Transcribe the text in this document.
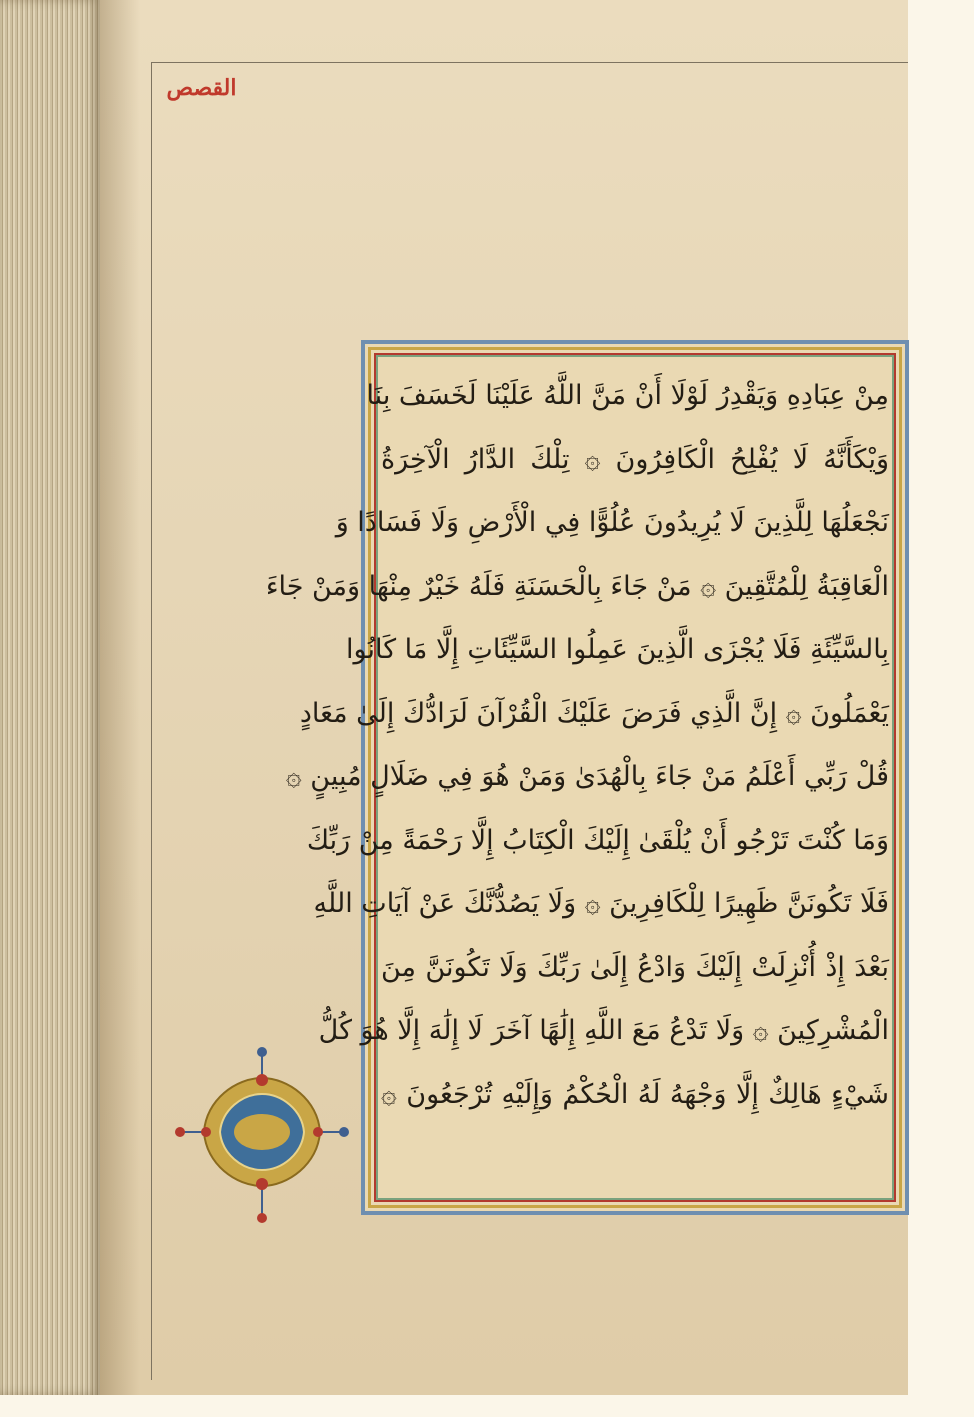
القصص
مِنْ عِبَادِهِ وَيَقْدِرُ لَوْلَا أَنْ مَنَّ اللَّهُ عَلَيْنَا لَخَسَفَ بِنَا
وَيْكَأَنَّهُ لَا يُفْلِحُ الْكَافِرُونَ ۞ تِلْكَ الدَّارُ الْآخِرَةُ
نَجْعَلُهَا لِلَّذِينَ لَا يُرِيدُونَ عُلُوًّا فِي الْأَرْضِ وَلَا فَسَادًا وَ
الْعَاقِبَةُ لِلْمُتَّقِينَ ۞ مَنْ جَاءَ بِالْحَسَنَةِ فَلَهُ خَيْرٌ مِنْهَا وَمَنْ جَاءَ
بِالسَّيِّئَةِ فَلَا يُجْزَى الَّذِينَ عَمِلُوا السَّيِّئَاتِ إِلَّا مَا كَانُوا
يَعْمَلُونَ ۞ إِنَّ الَّذِي فَرَضَ عَلَيْكَ الْقُرْآنَ لَرَادُّكَ إِلَىٰ مَعَادٍ
قُلْ رَبِّي أَعْلَمُ مَنْ جَاءَ بِالْهُدَىٰ وَمَنْ هُوَ فِي ضَلَالٍ مُبِينٍ ۞
وَمَا كُنْتَ تَرْجُو أَنْ يُلْقَىٰ إِلَيْكَ الْكِتَابُ إِلَّا رَحْمَةً مِنْ رَبِّكَ
فَلَا تَكُونَنَّ ظَهِيرًا لِلْكَافِرِينَ ۞ وَلَا يَصُدُّنَّكَ عَنْ آيَاتِ اللَّهِ
بَعْدَ إِذْ أُنْزِلَتْ إِلَيْكَ وَادْعُ إِلَىٰ رَبِّكَ وَلَا تَكُونَنَّ مِنَ
الْمُشْرِكِينَ ۞ وَلَا تَدْعُ مَعَ اللَّهِ إِلَٰهًا آخَرَ لَا إِلَٰهَ إِلَّا هُوَ كُلُّ
شَيْءٍ هَالِكٌ إِلَّا وَجْهَهُ لَهُ الْحُكْمُ وَإِلَيْهِ تُرْجَعُونَ ۞
